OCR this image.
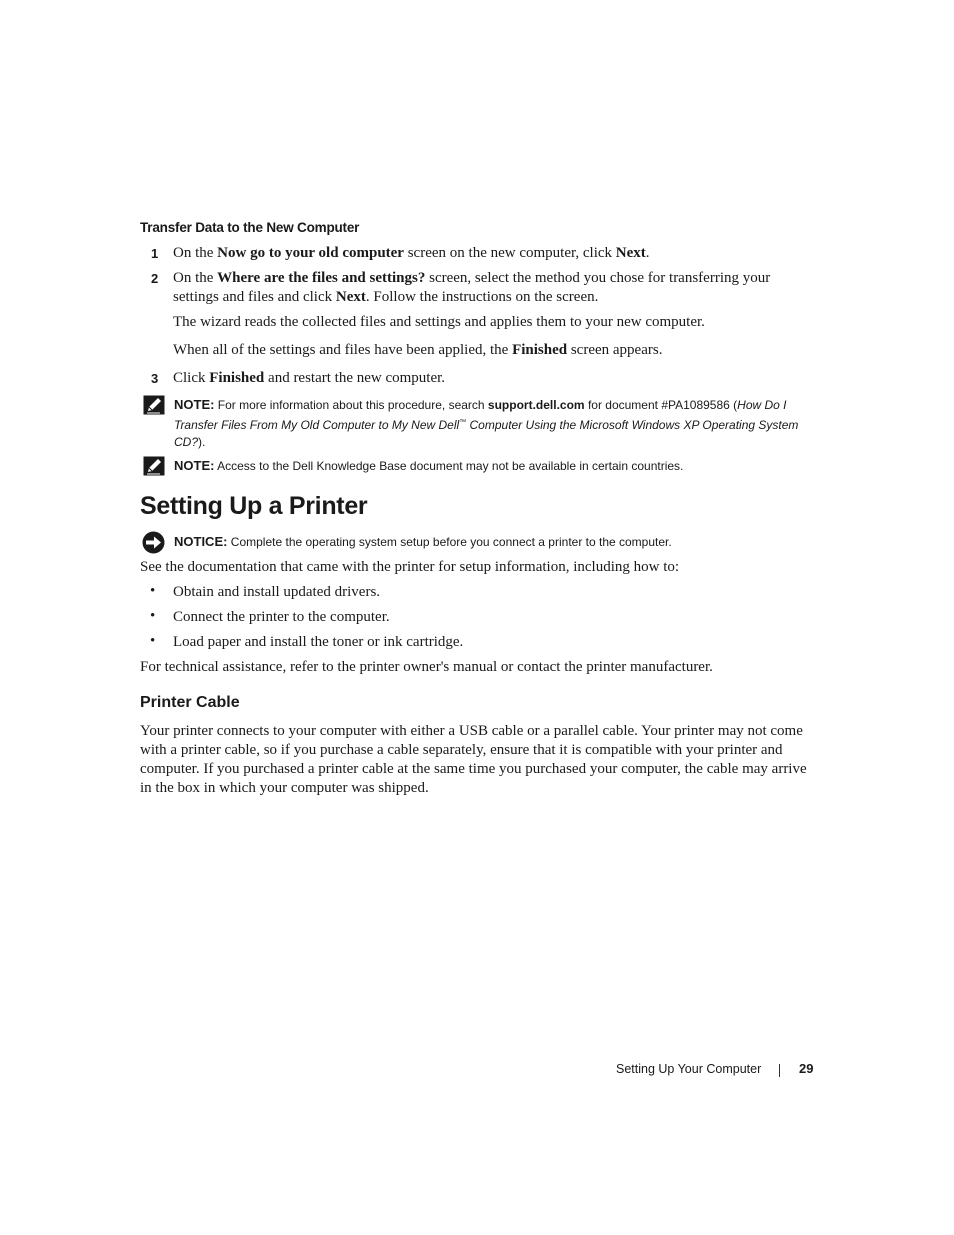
Transfer Data to the New Computer
1 On the Now go to your old computer screen on the new computer, click Next.
2 On the Where are the files and settings? screen, select the method you chose for transferring your settings and files and click Next. Follow the instructions on the screen.
The wizard reads the collected files and settings and applies them to your new computer.
When all of the settings and files have been applied, the Finished screen appears.
3 Click Finished and restart the new computer.
NOTE: For more information about this procedure, search support.dell.com for document #PA1089586 (How Do I Transfer Files From My Old Computer to My New Dell™ Computer Using the Microsoft Windows XP Operating System CD?).
NOTE: Access to the Dell Knowledge Base document may not be available in certain countries.
Setting Up a Printer
NOTICE: Complete the operating system setup before you connect a printer to the computer.
See the documentation that came with the printer for setup information, including how to:
• Obtain and install updated drivers.
• Connect the printer to the computer.
• Load paper and install the toner or ink cartridge.
For technical assistance, refer to the printer owner's manual or contact the printer manufacturer.
Printer Cable
Your printer connects to your computer with either a USB cable or a parallel cable. Your printer may not come with a printer cable, so if you purchase a cable separately, ensure that it is compatible with your printer and computer. If you purchased a printer cable at the same time you purchased your computer, the cable may arrive in the box in which your computer was shipped.
Setting Up Your Computer	29
